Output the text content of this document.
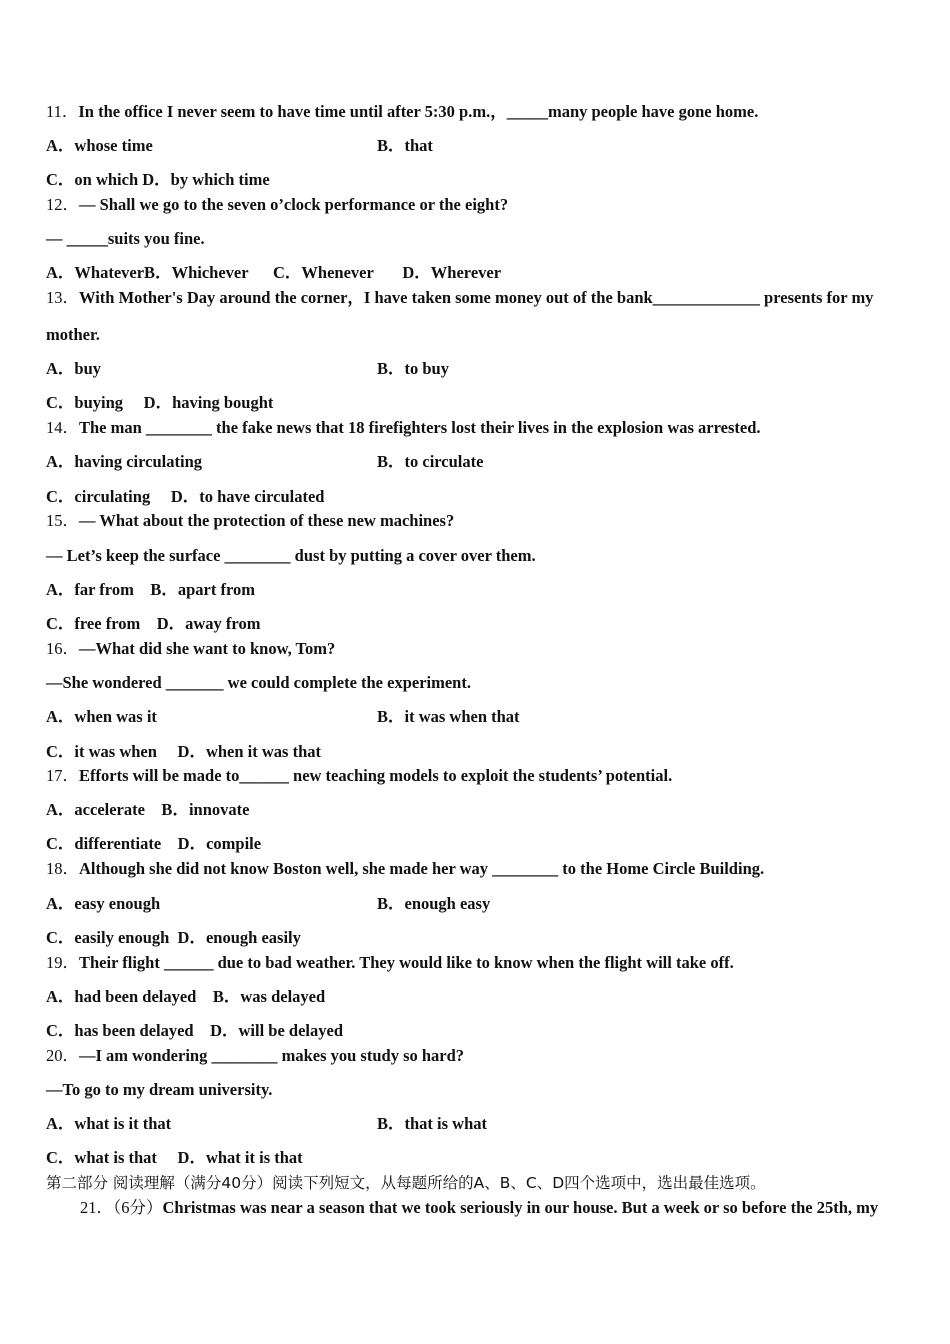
11．In the office I never seem to have time until after 5:30 p.m.，_____many people have gone home.
A．whose time	B．that
C．on which D．by which time
12．— Shall we go to the seven o’clock performance or the eight?
— _____suits you fine.
A．WhateverB．Whichever      C．Whenever       D．Wherever
13．With Mother's Day around the corner，I have taken some money out of the bank_____________ presents for my
mother.
A．buy	B．to buy
C．buying     D．having bought
14．The man ________ the fake news that 18 firefighters lost their lives in the explosion was arrested.
A．having circulating	B．to circulate
C．circulating     D．to have circulated
15．— What about the protection of these new machines?
— Let’s keep the surface ________ dust by putting a cover over them.
A．far from    B．apart from
C．free from    D．away from
16．—What did she want to know, Tom?
—She wondered _______ we could complete the experiment.
A．when was it	B．it was when that
C．it was when     D．when it was that
17．Efforts will be made to______ new teaching models to exploit the students’ potential.
A．accelerate    B．innovate
C．differentiate    D．compile
18．Although she did not know Boston well, she made her way ________ to the Home Circle Building.
A．easy enough	B．enough easy
C．easily enough  D．enough easily
19．Their flight ______ due to bad weather. They would like to know when the flight will take off.
A．had been delayed    B．was delayed
C．has been delayed    D．will be delayed
20．—I am wondering ________ makes you study so hard?
—To go to my dream university.
A．what is it that	B．that is what
C．what is that     D．what it is that
第二部分 阅读理解（满分40分）阅读下列短文，从每题所给的A、B、C、D四个选项中，选出最佳选项。
21．（6分）Christmas was near a season that we took seriously in our house. But a week or so before the 25th, my
